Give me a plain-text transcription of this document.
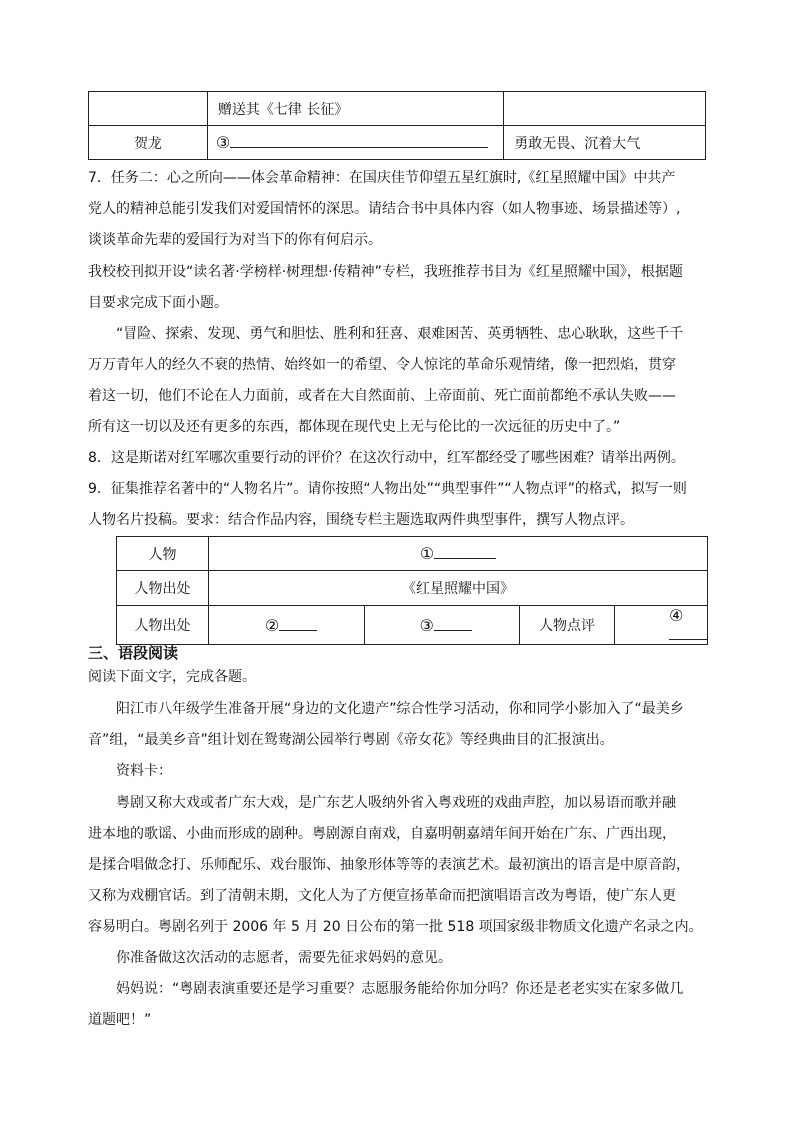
	赠送其《七律 长征》	
贺龙	③	勇敢无畏、沉着大气
7．任务二：心之所向——体会革命精神：在国庆佳节仰望五星红旗时,《红星照耀中国》中共产
党人的精神总能引发我们对爱国情怀的深思。请结合书中具体内容（如人物事迹、场景描述等）,
谈谈革命先辈的爱国行为对当下的你有何启示。
我校校刊拟开设“读名著·学榜样·树理想·传精神”专栏，我班推荐书目为《红星照耀中国》，根据题
目要求完成下面小题。
“冒险、探索、发现、勇气和胆怯、胜利和狂喜、艰难困苦、英勇牺牲、忠心耿耿，这些千千
万万青年人的经久不衰的热情、始终如一的希望、令人惊诧的革命乐观情绪，像一把烈焰，贯穿
着这一切，他们不论在人力面前，或者在大自然面前、上帝面前、死亡面前都绝不承认失败——
所有这一切以及还有更多的东西，都体现在现代史上无与伦比的一次远征的历史中了。”
8．这是斯诺对红军哪次重要行动的评价？在这次行动中，红军都经受了哪些困难？请举出两例。
9．征集推荐名著中的“人物名片”。请你按照“人物出处”“典型事件”“人物点评”的格式，拟写一则
人物名片投稿。要求：结合作品内容，围绕专栏主题选取两件典型事件，撰写人物点评。
人物	①			
人物出处	《红星照耀中国》			
人物出处	②	③	人物点评	④
三、语段阅读
阅读下面文字，完成各题。
阳江市八年级学生准备开展“身边的文化遗产”综合性学习活动，你和同学小影加入了“最美乡
音”组，“最美乡音”组计划在鸳鸯湖公园举行粤剧《帝女花》等经典曲目的汇报演出。
资料卡：
粤剧又称大戏或者广东大戏，是广东艺人吸纳外省入粤戏班的戏曲声腔，加以易语而歌并融
进本地的歌谣、小曲而形成的剧种。粤剧源自南戏，自嘉明朝嘉靖年间开始在广东、广西出现，
是揉合唱做念打、乐师配乐、戏台服饰、抽象形体等等的表演艺术。最初演出的语言是中原音韵，
又称为戏棚官话。到了清朝末期，文化人为了方便宣扬革命而把演唱语言改为粤语，使广东人更
容易明白。粤剧名列于 2006 年 5 月 20 日公布的第一批 518 项国家级非物质文化遗产名录之内。
你准备做这次活动的志愿者，需要先征求妈妈的意见。
妈妈说：“粤剧表演重要还是学习重要？志愿服务能给你加分吗？你还是老老实实在家多做几
道题吧！”
